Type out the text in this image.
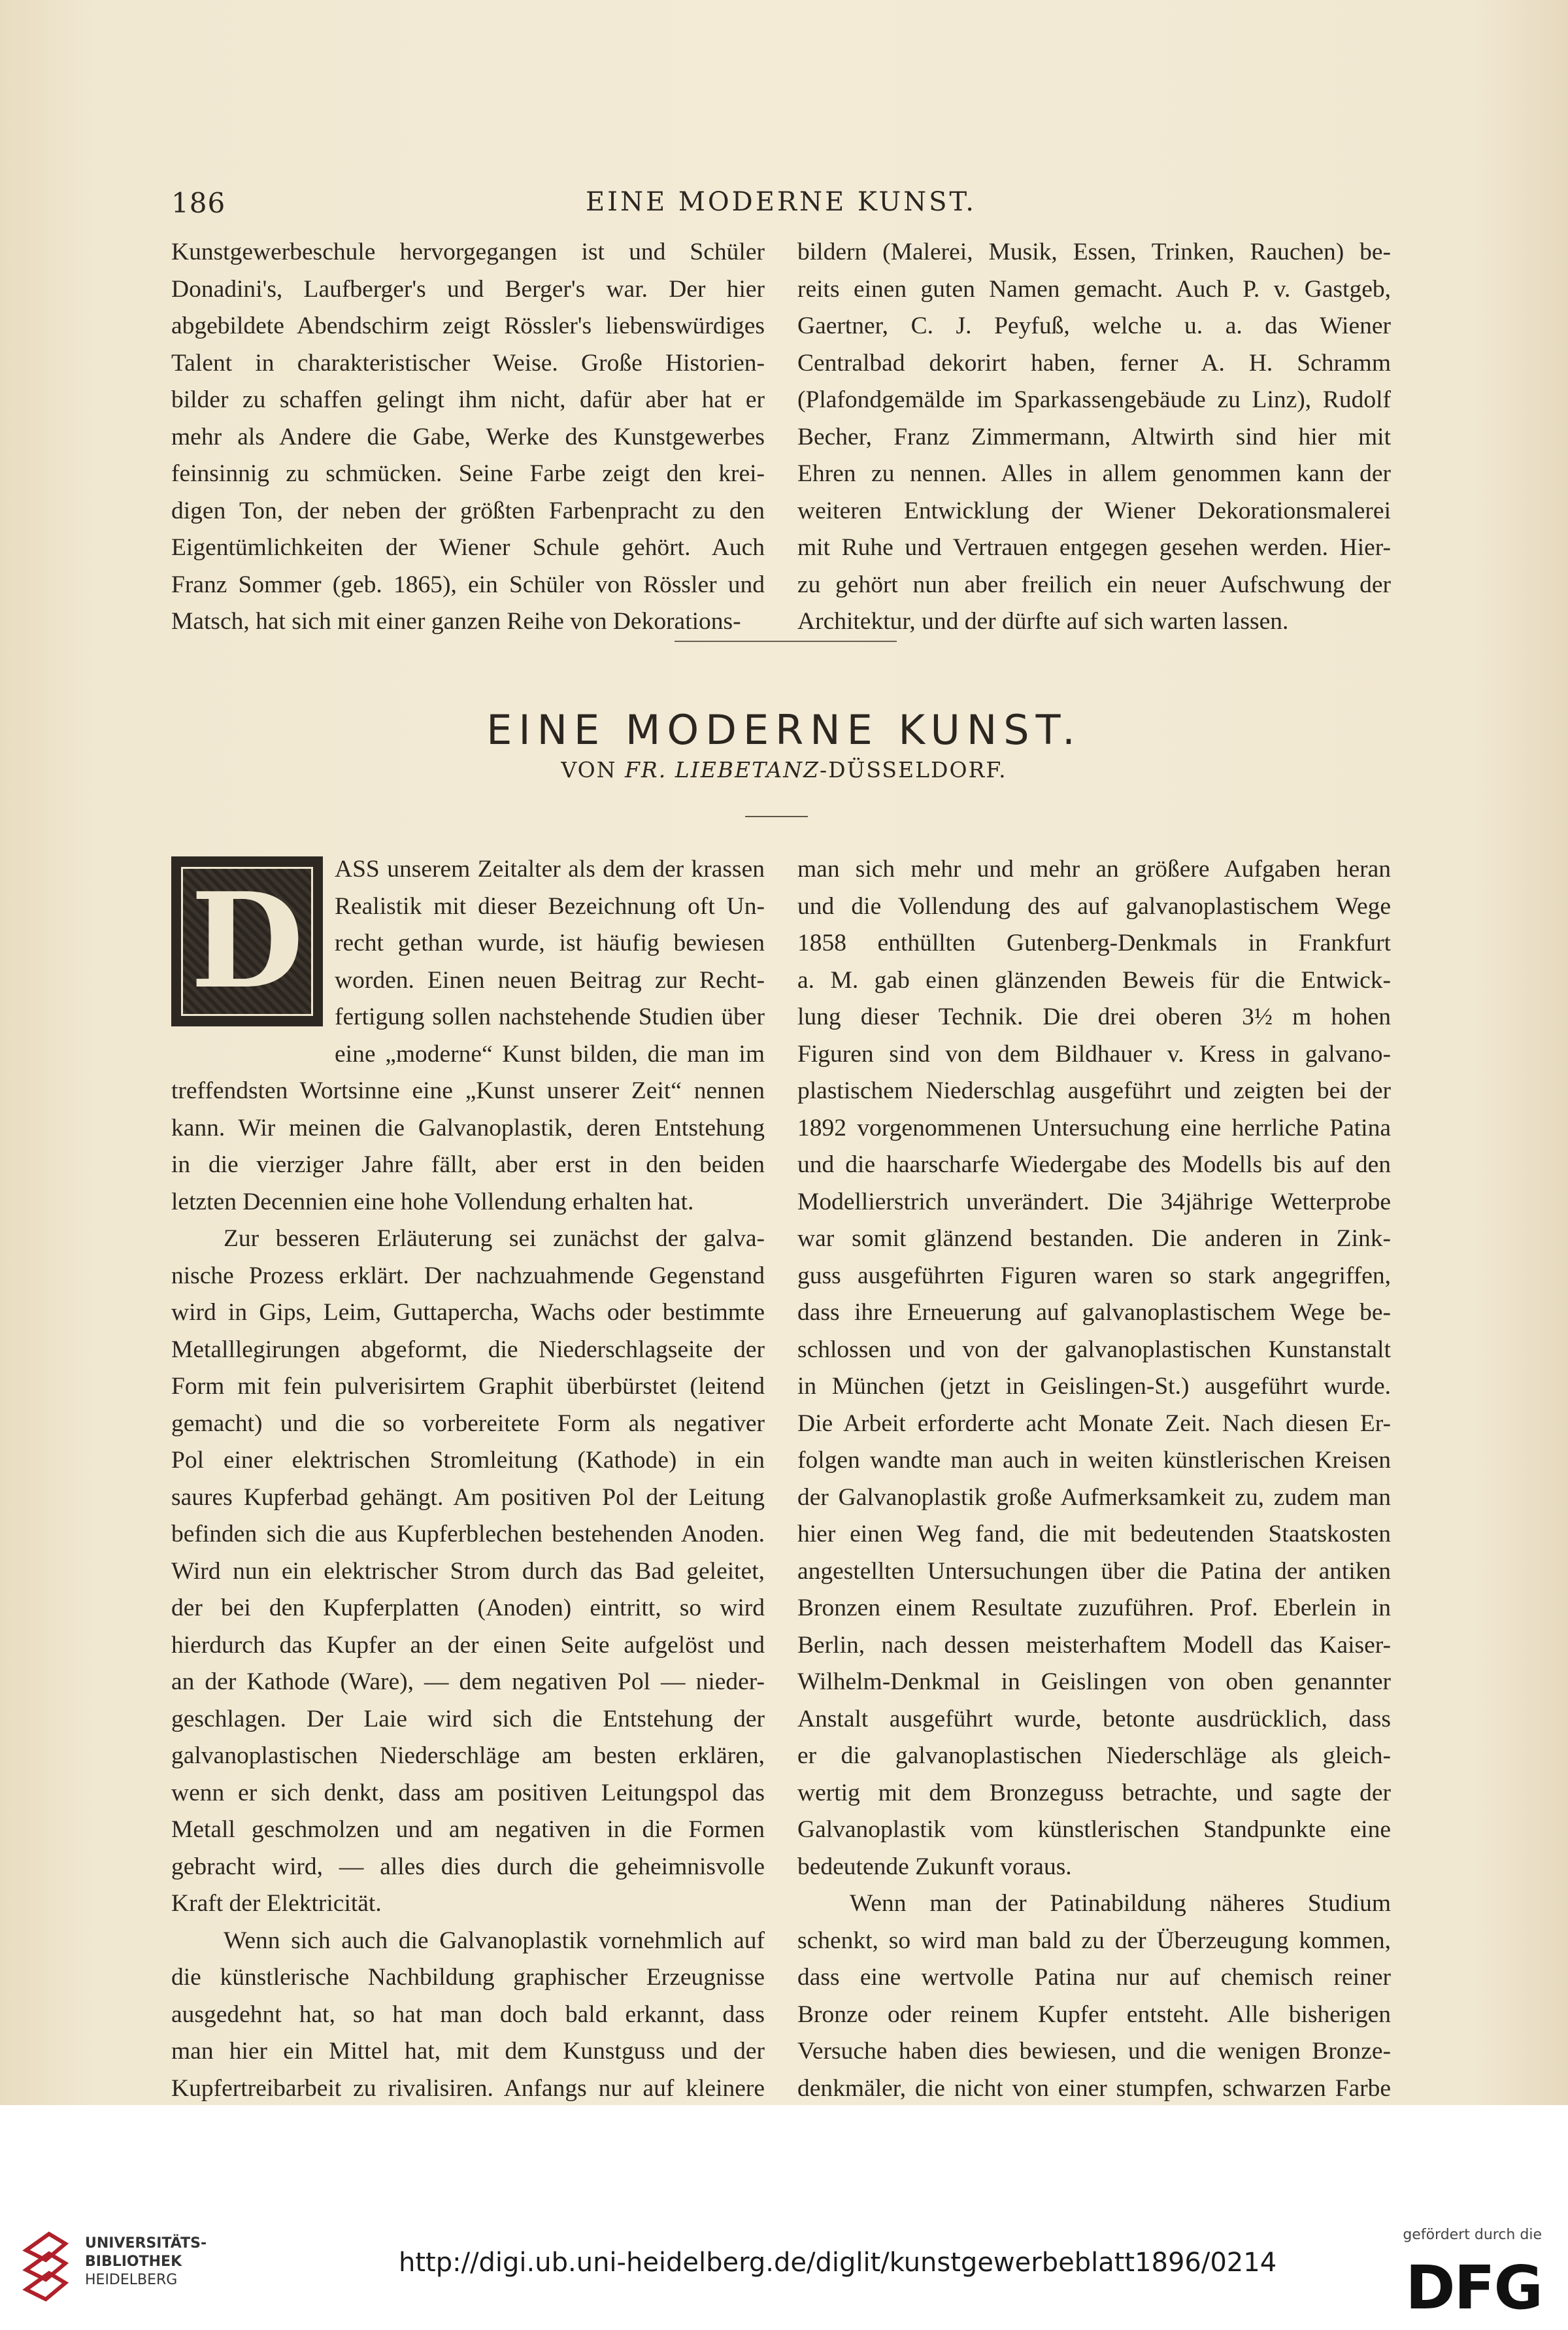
186	EINE MODERNE KUNST.
Kunstgewerbeschule hervorgegangen ist und Schüler
Donadini's, Laufberger's und Berger's war. Der hier
abgebildete Abendschirm zeigt Rössler's liebenswürdiges
Talent in charakteristischer Weise. Große Historien-
bilder zu schaffen gelingt ihm nicht, dafür aber hat er
mehr als Andere die Gabe, Werke des Kunstgewerbes
feinsinnig zu schmücken. Seine Farbe zeigt den krei-
digen Ton, der neben der größten Farbenpracht zu den
Eigentümlichkeiten der Wiener Schule gehört. Auch
Franz Sommer (geb. 1865), ein Schüler von Rössler und
Matsch, hat sich mit einer ganzen Reihe von Dekorations-
bildern (Malerei, Musik, Essen, Trinken, Rauchen) be-
reits einen guten Namen gemacht. Auch P. v. Gastgeb,
Gaertner, C. J. Peyfuß, welche u. a. das Wiener
Centralbad dekorirt haben, ferner A. H. Schramm
(Plafondgemälde im Sparkassengebäude zu Linz), Rudolf
Becher, Franz Zimmermann, Altwirth sind hier mit
Ehren zu nennen. Alles in allem genommen kann der
weiteren Entwicklung der Wiener Dekorationsmalerei
mit Ruhe und Vertrauen entgegen gesehen werden. Hier-
zu gehört nun aber freilich ein neuer Aufschwung der
Architektur, und der dürfte auf sich warten lassen.
EINE MODERNE KUNST.
VON FR. LIEBETANZ-DÜSSELDORF.
D	ASS unserem Zeitalter als dem der krassen
Realistik mit dieser Bezeichnung oft Un-
recht gethan wurde, ist häufig bewiesen
worden. Einen neuen Beitrag zur Recht-
fertigung sollen nachstehende Studien über
eine „moderne“ Kunst bilden, die man im
treffendsten Wortsinne eine „Kunst unserer Zeit“ nennen
kann. Wir meinen die Galvanoplastik, deren Entstehung
in die vierziger Jahre fällt, aber erst in den beiden
letzten Decennien eine hohe Vollendung erhalten hat.
Zur besseren Erläuterung sei zunächst der galva-
nische Prozess erklärt. Der nachzuahmende Gegenstand
wird in Gips, Leim, Guttapercha, Wachs oder bestimmte
Metalllegirungen abgeformt, die Niederschlagseite der
Form mit fein pulverisirtem Graphit überbürstet (leitend
gemacht) und die so vorbereitete Form als negativer
Pol einer elektrischen Stromleitung (Kathode) in ein
saures Kupferbad gehängt. Am positiven Pol der Leitung
befinden sich die aus Kupferblechen bestehenden Anoden.
Wird nun ein elektrischer Strom durch das Bad geleitet,
der bei den Kupferplatten (Anoden) eintritt, so wird
hierdurch das Kupfer an der einen Seite aufgelöst und
an der Kathode (Ware), — dem negativen Pol — nieder-
geschlagen. Der Laie wird sich die Entstehung der
galvanoplastischen Niederschläge am besten erklären,
wenn er sich denkt, dass am positiven Leitungspol das
Metall geschmolzen und am negativen in die Formen
gebracht wird, — alles dies durch die geheimnisvolle
Kraft der Elektricität.
Wenn sich auch die Galvanoplastik vornehmlich auf
die künstlerische Nachbildung graphischer Erzeugnisse
ausgedehnt hat, so hat man doch bald erkannt, dass
man hier ein Mittel hat, mit dem Kunstguss und der
Kupfertreibarbeit zu rivalisiren. Anfangs nur auf kleinere
man sich mehr und mehr an größere Aufgaben heran
und die Vollendung des auf galvanoplastischem Wege
1858 enthüllten Gutenberg-Denkmals in Frankfurt
a. M. gab einen glänzenden Beweis für die Entwick-
lung dieser Technik. Die drei oberen 3½ m hohen
Figuren sind von dem Bildhauer v. Kress in galvano-
plastischem Niederschlag ausgeführt und zeigten bei der
1892 vorgenommenen Untersuchung eine herrliche Patina
und die haarscharfe Wiedergabe des Modells bis auf den
Modellierstrich unverändert. Die 34jährige Wetterprobe
war somit glänzend bestanden. Die anderen in Zink-
guss ausgeführten Figuren waren so stark angegriffen,
dass ihre Erneuerung auf galvanoplastischem Wege be-
schlossen und von der galvanoplastischen Kunstanstalt
in München (jetzt in Geislingen-St.) ausgeführt wurde.
Die Arbeit erforderte acht Monate Zeit. Nach diesen Er-
folgen wandte man auch in weiten künstlerischen Kreisen
der Galvanoplastik große Aufmerksamkeit zu, zudem man
hier einen Weg fand, die mit bedeutenden Staatskosten
angestellten Untersuchungen über die Patina der antiken
Bronzen einem Resultate zuzuführen. Prof. Eberlein in
Berlin, nach dessen meisterhaftem Modell das Kaiser-
Wilhelm-Denkmal in Geislingen von oben genannter
Anstalt ausgeführt wurde, betonte ausdrücklich, dass
er die galvanoplastischen Niederschläge als gleich-
wertig mit dem Bronzeguss betrachte, und sagte der
Galvanoplastik vom künstlerischen Standpunkte eine
bedeutende Zukunft voraus.
Wenn man der Patinabildung näheres Studium
schenkt, so wird man bald zu der Überzeugung kommen,
dass eine wertvolle Patina nur auf chemisch reiner
Bronze oder reinem Kupfer entsteht. Alle bisherigen
Versuche haben dies bewiesen, und die wenigen Bronze-
denkmäler, die nicht von einer stumpfen, schwarzen Farbe
UNIVERSITÄTS-
BIBLIOTHEK
HEIDELBERG
http://digi.ub.uni-heidelberg.de/diglit/kunstgewerbeblatt1896/0214
gefördert durch die
DFG
